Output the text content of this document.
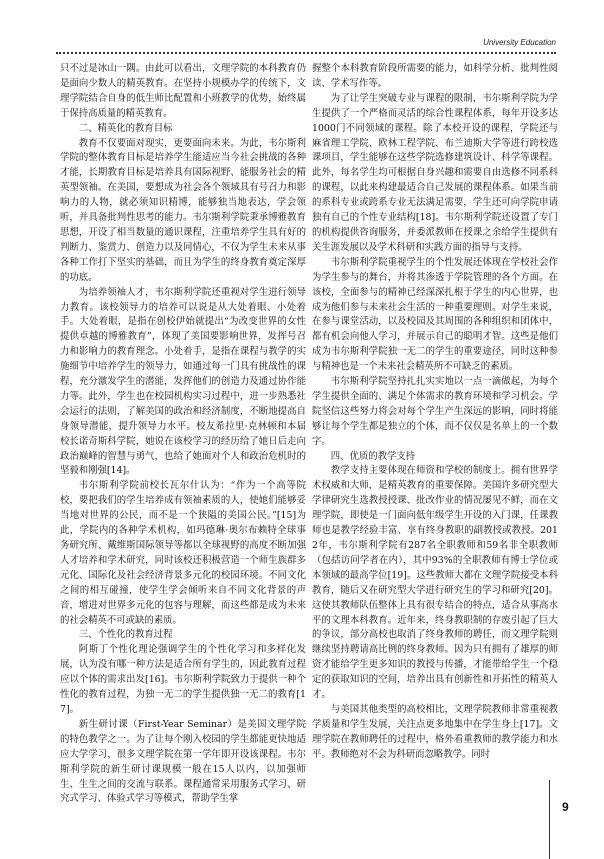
University Education

只不过是冰山一隅。由此可以看出，文理学院的本科教育仍是面向少数人的精英教育。在坚持小规模办学的传统下，文理学院结合自身的低生师比配置和小班教学的优势，始终属于保持高质量的精英教育。

二、精英化的教育目标

教育不仅要面对现实，更要面向未来。为此，韦尔斯利学院的整体教育目标是培养学生能适应当今社会挑战的各种才能，长期教育目标是培养具有国际视野、能服务社会的精英型领袖。在美国，要想成为社会各个领域具有号召力和影响力的人物，就必须知识精博，能够独当地表达，学会领听，并具备批判性思考的能力。韦尔斯利学院秉承博雅教育思想，开设了相当数量的通识课程，注重培养学生具有好的判断力、鉴赏力、创造力以及同情心，不仅为学生未来从事各种工作打下坚实的基础，而且为学生的终身教育奠定深厚的功底。

为培养领袖人才，韦尔斯利学院还重视对学生进行领导力教育。该校领导力的培养可以说是从大处着眼、小处着手。大处着眼，是指在创校伊始就提出“为改变世界的女性提供卓越的博雅教育”，体现了美国要影响世界，发挥号召力和影响力的教育理念。小处着手，是指在课程与教学的实施细节中培养学生的领导力，如通过每一门具有挑战性的课程，充分激发学生的潜能，发挥他们的创造力及通过协作能力等。此外，学生也在校园机构实习过程中，进一步熟悉社会运行的法则，了解美国的政治和经济制度，不断地提高自身领导潜能，提升领导力水平。校友希拉里·克林顿和本届校长诺奇斯科学院，她说在该校学习的经历给了她日后走向政治巅峰的智慧与勇气，也给了她面对个人和政治危机时的坚毅和刚强[14]。

韦尔斯利学院前校长瓦尔什认为：“作为一个高等院校，要把我们的学生培养成有领袖素质的人，使她们能够妥当地对世界的公民，而不是一个狭隘的美国公民。”[15]为此，学院内的各种学术机构，如玛德琳·奥尔布赖特全球事务研究所、戴维斯国际领导等都以全球视野的高度不断加强人才培养和学术研究，同时该校还积极营造一个师生族群多元化、国际化及社会经济背景多元化的校园环境。不同文化之间的相互碰撞，使学生学会倾听来自不同文化背景的声音，增进对世界多元化的包容与理解，而这些都是成为未来的社会精英不可或缺的素质。

三、个性化的教育过程

阿斯丁个性化理论强调学生的个性化学习和多样化发展，认为没有哪一种方法是适合所有学生的，因此教育过程应以个体的需求出发[16]。韦尔斯利学院致力于提供一种个性化的教育过程，为独一无二的学生提供独一无二的教育[17]。

新生研讨课（First-Year Seminar）是美国文理学院的特色教学之一。为了让每个刚入校园的学生都能更快地适应大学学习，很多文理学院在第一学年即开设该课程。韦尔斯利学院的新生研讨课规模一般在15人以内，以加强师生、生生之间的交流与联系。课程通常采用服务式学习、研究式学习、体验式学习等模式，帮助学生掌

握整个本科教育阶段所需要的能力，如科学分析、批判性阅读、学术写作等。

为了让学生突破专业与课程的限制，韦尔斯利学院为学生提供了一个严格而灵活的综合性课程体系，每年开设多达1000门不同领域的课程。除了本校开设的课程，学院还与麻省理工学院、欧林工程学院、布兰迪斯大学等进行跨校选课项目，学生能够在这些学院选修建筑设计、科学等课程。此外，每名学生均可根据自身兴趣和需要自由选修不同系科的课程，以此来构建最适合自己发展的课程体系。如果当前的系科专业或跨系专业无法满足需要，学生还可向学院申请独有自己的个性专业结构[18]。韦尔斯利学院还设置了专门的机构提供咨询服务，并委派教师在授课之余给学生提供有关生涯发展以及学术科研和实践方面的指导与支持。

韦尔斯利学院重视学生的个性发展还体现在学校社会作为学生参与的舞台，并将其渗透于学院管理的各个方面。在该校，全面参与的精神已经深深扎根于学生的内心世界，也成为他们参与未来社会生活的一种重要理则。对学生来说，在参与课堂活动，以及校园及其周围的各种组织和团体中，都有机会向他人学习，并展示自己的聪明才智。这些是他们成为韦尔斯利学院独一无二的学生的重要途径，同时这种参与精神也是一个未来社会精英所不可缺乏的素质。

韦尔斯利学院坚持扎扎实实地以一点一滴做起，为每个学生提供全面的、满足个体需求的教育环境和学习机会。学院坚信这些努力将会对每个学生产生深远的影响，同时将能够让每个学生都是独立的个体，而不仅仅是名单上的一个数字。

四、优质的教学支持

教学支持主要体现在师资和学校的制度上。拥有世界学术权威和大师，是精英教育的重要保障。美国许多研究型大学律研究生选教授授课、批改作业的情况屡见不鲜，而在文理学院，即使是一门面向低年级学生开设的入门课，任课教师也是教学经验丰富、享有终身教职的副教授或教授。2012年，韦尔斯利学院有287名全职教师和59名非全职教师（包括访问学者在内），其中93%的全职教师有博士学位或本领域的最高学位[19]。这些教师大都在文理学院接受本科教育，随后又在研究型大学进行研究生的学习和研究[20]。这使其教师队伍整体上具有很专结合的特点，适合从事高水平的文理本科教育。近年来，终身教职制的存废引起了巨大的争议，部分高校也取消了终身教师的聘任，而文理学院则继续坚持聘请高比例的终身教师。因为只有拥有了雄厚的师资才能给学生更多知识的教授与传播，才能带给学生一个稳定的获取知识的空间，培养出具有创新性和开拓性的精英人才。

与美国其他类型的高校相比，文理学院教师非常重视教学质量和学生发展，关注点更多地集中在学生身上[17]。文理学院在教师聘任的过程中，格外看重教师的教学能力和水平。教师绝对不会为科研而忽略教学。同时

9
